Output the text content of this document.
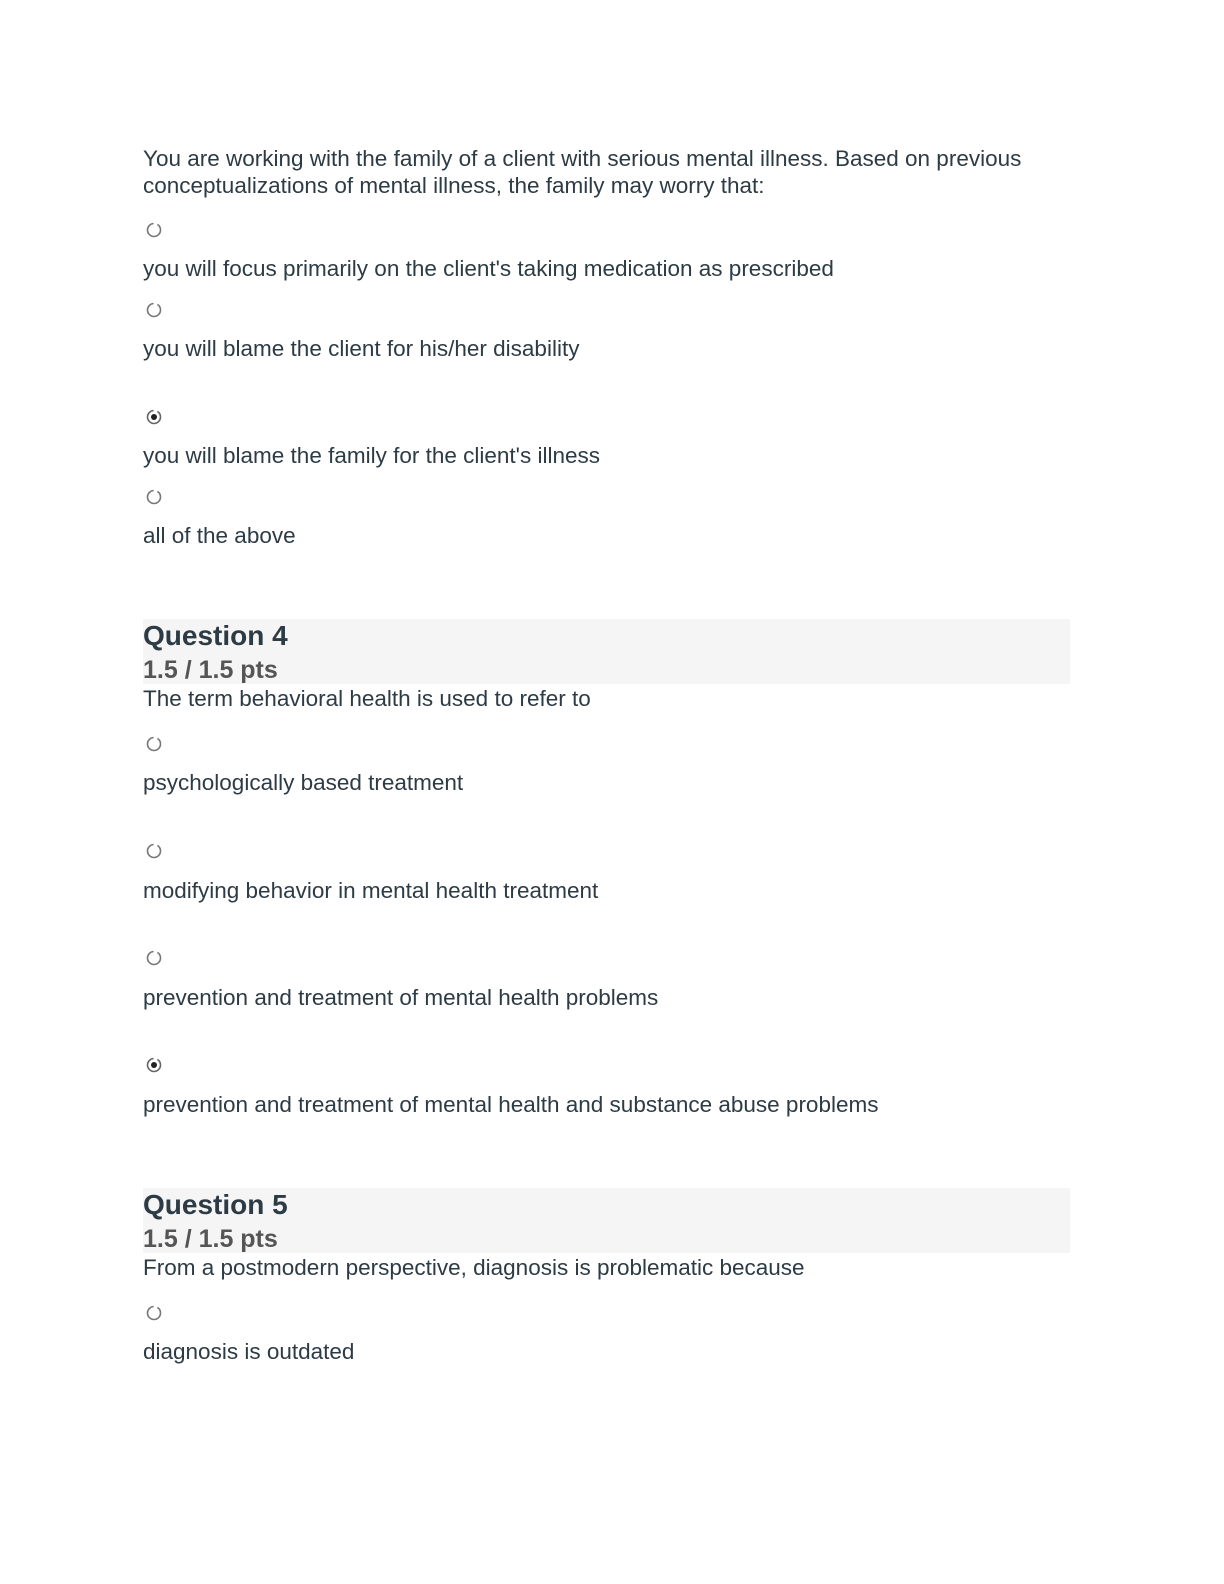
You are working with the family of a client with serious mental illness. Based on previous conceptualizations of mental illness, the family may worry that:
you will focus primarily on the client's taking medication as prescribed
you will blame the client for his/her disability
you will blame the family for the client's illness
all of the above
Question 4
1.5 / 1.5 pts
The term behavioral health is used to refer to
psychologically based treatment
modifying behavior in mental health treatment
prevention and treatment of mental health problems
prevention and treatment of mental health and substance abuse problems
Question 5
1.5 / 1.5 pts
From a postmodern perspective, diagnosis is problematic because
diagnosis is outdated
